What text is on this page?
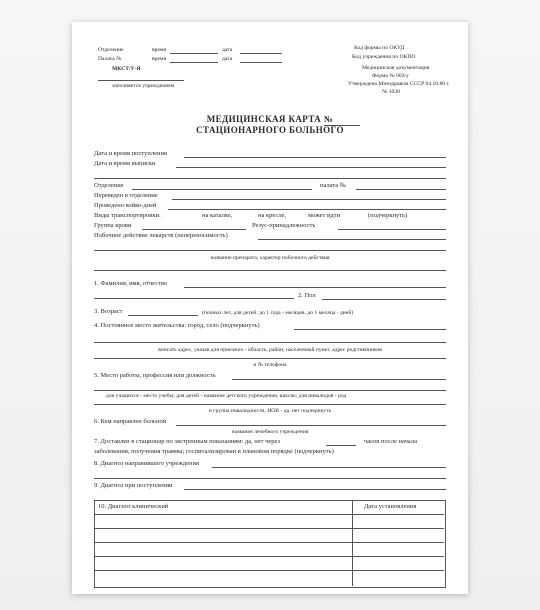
Отделение	время	дата
Палата №	время	дата
МКСТ/У-Я
заполняется учреждением
Код формы по ОКУД
Код учреждения по ОКПО
Медицинская документация
Форма № 003/у
Утверждена Минздравом СССР 04.10.80 г.
№ 1030
МЕДИЦИНСКАЯ КАРТА №
СТАЦИОНАРНОГО БОЛЬНОГО
Дата и время поступления
Дата и время выписки
Отделение	палата №
Переведен в отделение
Проведено койко-дней
Виды транспортировки:	на каталке,	на кресле,	может идти	(подчеркнуть)
Группа крови	Резус-принадлежность
Побочное действие лекарств (непереносимость)
название препарата, характер побочного действия
1. Фамилия, имя, отчество
2. Пол
3. Возраст	(полных лет, для детей: до 1 года - месяцев, до 1 месяца - дней)
4. Постоянное место жительства: город, село (подчеркнуть)
вписать адрес, указав для приезжих - область, район, населенный пункт, адрес родственников
и № телефона
5. Место работы, профессия или должность
для учащихся - место учебы; для детей - название детского учреждения, школы; для инвалидов - род
и группа инвалидности, ИОВ - да, нет подчеркнуть
6. Кем направлен больной
название лечебного учреждения
7. Доставлен в стационар по экстренным показаниям: да, нет через	часов после начала
заболевания, получения травмы; госпитализирован в плановом порядке (подчеркнуть)
8. Диагноз направившего учреждения
9. Диагноз при поступлении
10. Диагноз клинический	Дата установления
